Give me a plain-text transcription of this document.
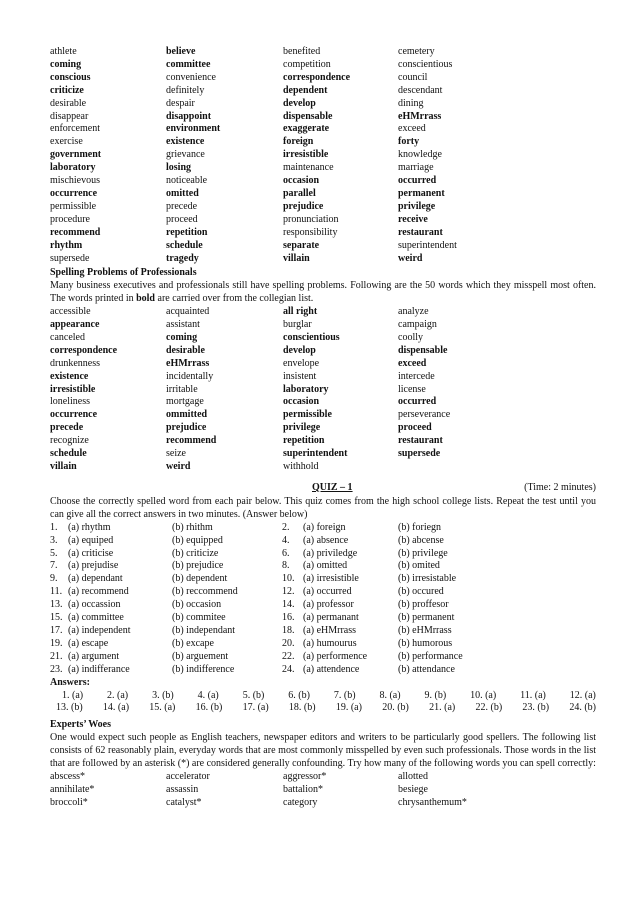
athlete	believe	benefited	cemetery
coming	committee	competition	conscientious
conscious	convenience	correspondence	council
criticize	definitely	dependent	descendant
desirable	despair	develop	dining
disappear	disappoint	dispensable	eHMrrass
enforcement	environment	exaggerate	exceed
exercise	existence	foreign	forty
government	grievance	irresistible	knowledge
laboratory	losing	maintenance	marriage
mischievous	noticeable	occasion	occurred
occurrence	omitted	parallel	permanent
permissible	precede	prejudice	privilege
procedure	proceed	pronunciation	receive
recommend	repetition	responsibility	restaurant
rhythm	schedule	separate	superintendent
supersede	tragedy	villain	weird
Spelling Problems of Professionals
Many business executives and professionals still have spelling problems. Following are the 50 words which they misspell most often. The words printed in bold are carried over from the collegian list.
accessible	acquainted	all right	analyze
appearance	assistant	burglar	campaign
canceled	coming	conscientious	coolly
correspondence	desirable	develop	dispensable
drunkenness	eHMrrass	envelope	exceed
existence	incidentally	insistent	intercede
irresistible	irritable	laboratory	license
loneliness	mortgage	occasion	occurred
occurrence	ommitted	permissible	perseverance
precede	prejudice	privilege	proceed
recognize	recommend	repetition	restaurant
schedule	seize	superintendent	supersede
villain	weird	withhold	
QUIZ – 1	(Time: 2 minutes)
Choose the correctly spelled word from each pair below. This quiz comes from the high school college lists. Repeat the test until you can give all the correct answers in two minutes. (Answer below)
1.	(a) rhythm	(b) rhithm	2.	(a) foreign	(b) foriegn
3.	(a) equiped	(b) equipped	4.	(a) absence	(b) abcense
5.	(a) criticise	(b) criticize	6.	(a) priviledge	(b) privilege
7.	(a) prejudise	(b) prejudice	8.	(a) omitted	(b) omited
9.	(a) dependant	(b) dependent	10.	(a) irresistible	(b) irresistable
11.	(a) recommend	(b) reccommend	12.	(a) occurred	(b) occured
13.	(a) occassion	(b) occasion	14.	(a) professor	(b) proffesor
15.	(a) committee	(b) commitee	16.	(a) permanant	(b) permanent
17.	(a) independent	(b) independant	18.	(a) eHMrrass	(b) eHMrrass
19.	(a) escape	(b) excape	20.	(a) humourus	(b) humorous
21.	(a) argument	(b) arguement	22.	(a) performence	(b) performance
23.	(a) indifferance	(b) indifference	24.	(a) attendence	(b) attendance
Answers:
1. (a) 2. (a) 3. (b) 4. (a) 5. (b) 6. (b) 7. (b) 8. (a) 9. (b) 10. (a) 11. (a) 12. (a)
13. (b) 14. (a) 15. (a) 16. (b) 17. (a) 18. (b) 19. (a) 20. (b) 21. (a) 22. (b) 23. (b) 24. (b)
Experts’ Woes
One would expect such people as English teachers, newspaper editors and writers to be particularly good spellers. The following list consists of 62 reasonably plain, everyday words that are most commonly misspelled by even such professionals. Those words in the list that are followed by an asterisk (*) are considered generally confounding. Try how many of the following words you can spell correctly:
abscess*	accelerator	aggressor*	allotted
annihilate*	assassin	battalion*	besiege
broccoli*	catalyst*	category	chrysanthemum*
